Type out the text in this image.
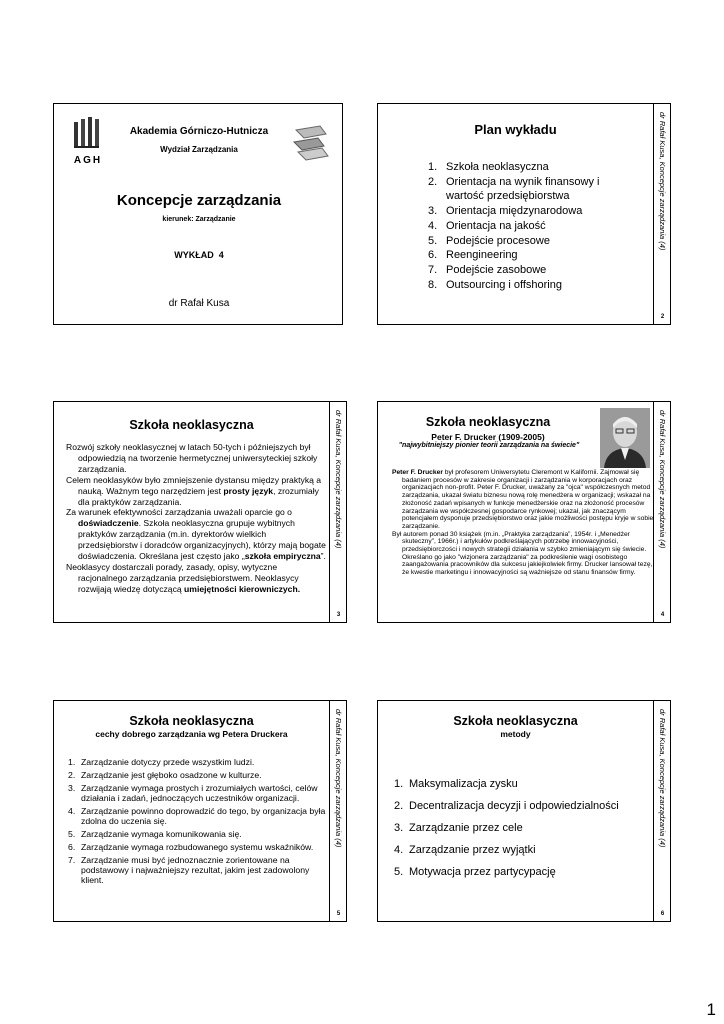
AGH
Akademia Górniczo-Hutnicza
Wydział Zarządzania
Koncepcje zarządzania
kierunek: Zarządzanie
WYKŁAD  4
dr Rafał Kusa
Plan wykładu
1. Szkoła neoklasyczna
2. Orientacja na wynik finansowy i wartość przedsiębiorstwa
3. Orientacja międzynarodowa
4. Orientacja na jakość
5. Podejście procesowe
6. Reengineering
7. Podejście zasobowe
8. Outsourcing i offshoring
dr Rafał Kusa, Koncepcje zarządzania (4)
2
Szkoła neoklasyczna

Rozwój szkoły neoklasycznej w latach 50-tych i późniejszych był odpowiedzią na tworzenie hermetycznej uniwersyteckiej szkoły zarządzania.

Celem neoklasyków było zmniejszenie dystansu między praktyką a nauką. Ważnym tego narzędziem jest prosty język, zrozumiały dla praktyków zarządzania.

Za warunek efektywności zarządzania uważali oparcie go o doświadczenie. Szkoła neoklasyczna grupuje wybitnych praktyków zarządzania (m.in. dyrektorów wielkich przedsiębiorstw i doradców organizacyjnych), którzy mają bogate doświadczenia. Określana jest często jako „szkoła empiryczna”.

Neoklasycy dostarczali porady, zasady, opisy, wytyczne racjonalnego zarządzania przedsiębiorstwem. Neoklasycy rozwijają wiedzę dotyczącą umiejętności kierowniczych.

dr Rafał Kusa, Koncepcje zarządzania (4)
3
Szkoła neoklasyczna
Peter F. Drucker (1909-2005)
"najwybitniejszy pionier teorii zarządzania na świecie"

Peter F. Drucker był profesorem Uniwersytetu Cleremont w Kalifornii. Zajmował się badaniem procesów w zakresie organizacji i zarządzania w korporacjach oraz organizacjach non-profit. Peter F. Drucker, uważany za "ojca" współczesnych metod zarządzania, ukazał światu biznesu nową rolę menedżera w organizacji; wskazał na złożoność zadań wpisanych w funkcje menedżerskie oraz na złożoność procesów zarządzania we współczesnej gospodarce rynkowej; ukazał, jak znaczącym potencjałem dysponuje przedsiębiorstwo oraz jakie możliwości postępu kryje w sobie zarządzanie.

Był autorem ponad 30 książek (m.in. „Praktyka zarządzania”, 1954r. i „Menedżer skuteczny”, 1966r.) i artykułów podkreślających potrzebę innowacyjności, przedsiębiorczości i nowych strategii działania w szybko zmieniającym się świecie. Określano go jako "wizjonera zarządzania" za podkreślenie wagi osobistego zaangażowania pracowników dla sukcesu jakiejkolwiek firmy. Drucker lansował tezę, że kwestie marketingu i innowacyjności są ważniejsze od stanu finansów firmy.

dr Rafał Kusa, Koncepcje zarządzania (4)
4
Szkoła neoklasyczna
cechy dobrego zarządzania wg Petera Druckera
1. Zarządzanie dotyczy przede wszystkim ludzi.
2. Zarządzanie jest głęboko osadzone w kulturze.
3. Zarządzanie wymaga prostych i zrozumiałych wartości, celów działania i zadań, jednoczących uczestników organizacji.
4. Zarządzanie powinno doprowadzić do tego, by organizacja była zdolna do uczenia się.
5. Zarządzanie wymaga komunikowania się.
6. Zarządzanie wymaga rozbudowanego systemu wskaźników.
7. Zarządzanie musi być jednoznacznie zorientowane na podstawowy i najważniejszy rezultat, jakim jest zadowolony klient.
dr Rafał Kusa, Koncepcje zarządzania (4)
5
Szkoła neoklasyczna
metody
1. Maksymalizacja zysku
2. Decentralizacja decyzji i odpowiedzialności
3. Zarządzanie przez cele
4. Zarządzanie przez wyjątki
5. Motywacja przez partycypację
dr Rafał Kusa, Koncepcje zarządzania (4)
6
1
